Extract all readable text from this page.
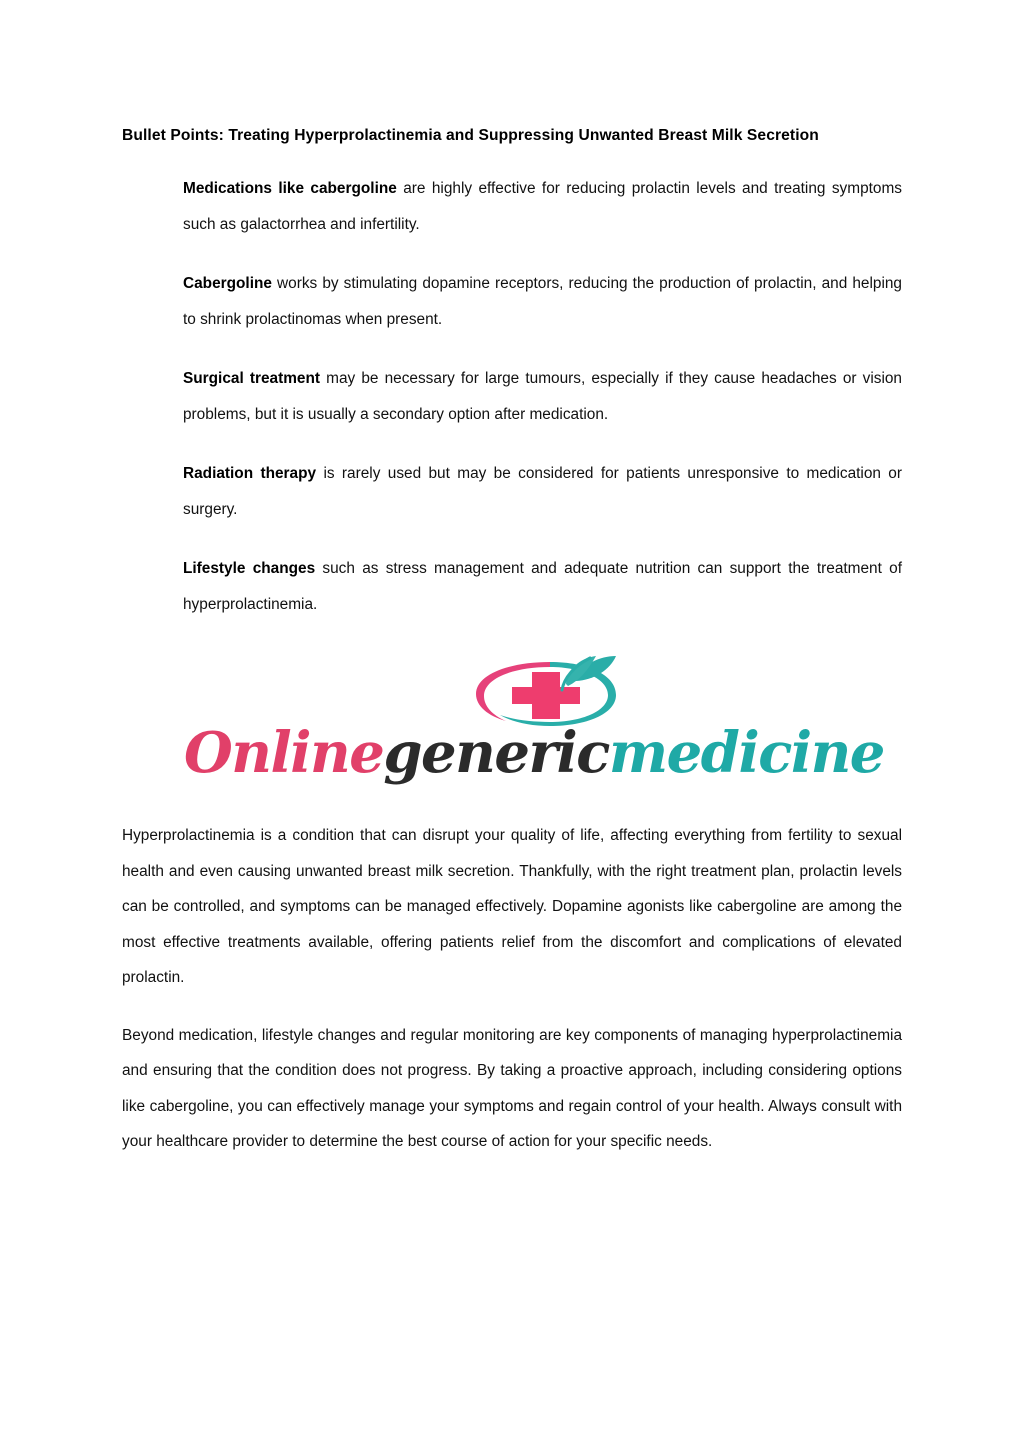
Bullet Points: Treating Hyperprolactinemia and Suppressing Unwanted Breast Milk Secretion
Medications like cabergoline are highly effective for reducing prolactin levels and treating symptoms such as galactorrhea and infertility.
Cabergoline works by stimulating dopamine receptors, reducing the production of prolactin, and helping to shrink prolactinomas when present.
Surgical treatment may be necessary for large tumours, especially if they cause headaches or vision problems, but it is usually a secondary option after medication.
Radiation therapy is rarely used but may be considered for patients unresponsive to medication or surgery.
Lifestyle changes such as stress management and adequate nutrition can support the treatment of hyperprolactinemia.
Onlinegenericmedicine

Hyperprolactinemia is a condition that can disrupt your quality of life, affecting everything from fertility to sexual health and even causing unwanted breast milk secretion. Thankfully, with the right treatment plan, prolactin levels can be controlled, and symptoms can be managed effectively. Dopamine agonists like cabergoline are among the most effective treatments available, offering patients relief from the discomfort and complications of elevated prolactin.

Beyond medication, lifestyle changes and regular monitoring are key components of managing hyperprolactinemia and ensuring that the condition does not progress. By taking a proactive approach, including considering options like cabergoline, you can effectively manage your symptoms and regain control of your health. Always consult with your healthcare provider to determine the best course of action for your specific needs.
